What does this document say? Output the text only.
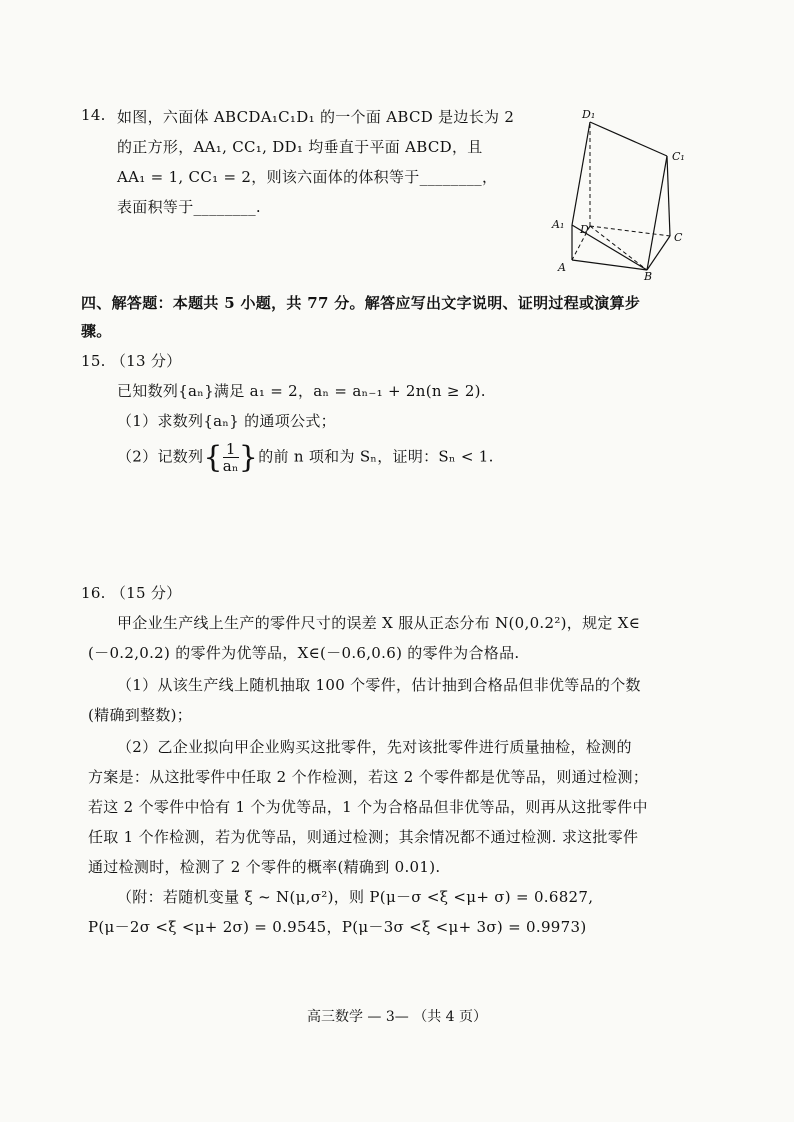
14. 如图，六面体 ABCDA₁C₁D₁ 的一个面 ABCD 是边长为 2
的正方形，AA₁, CC₁, DD₁ 均垂直于平面 ABCD，且
AA₁ = 1, CC₁ = 2，则该六面体的体积等于________，
表面积等于________.
D₁
C₁
A₁ D
C
A
B
四、解答题：本题共 5 小题，共 77 分。解答应写出文字说明、证明过程或演算步
骤。
15. （13 分）
已知数列{aₙ}满足 a₁ = 2，aₙ = aₙ₋₁ + 2n(n ≥ 2).
（1）求数列{aₙ} 的通项公式；
（2）记数列{ $\frac{1}{\text{aₙ}}$ }的前 n 项和为 Sₙ，证明：Sₙ < 1.
16. （15 分）
甲企业生产线上生产的零件尺寸的误差 X 服从正态分布 N(0,0.2²)，规定 X∈
(－0.2,0.2) 的零件为优等品，X∈(－0.6,0.6) 的零件为合格品.
（1）从该生产线上随机抽取 100 个零件，估计抽到合格品但非优等品的个数
(精确到整数)；
（2）乙企业拟向甲企业购买这批零件，先对该批零件进行质量抽检，检测的
方案是：从这批零件中任取 2 个作检测，若这 2 个零件都是优等品，则通过检测；
若这 2 个零件中恰有 1 个为优等品，1 个为合格品但非优等品，则再从这批零件中
任取 1 个作检测，若为优等品，则通过检测；其余情况都不通过检测. 求这批零件
通过检测时，检测了 2 个零件的概率(精确到 0.01).
（附：若随机变量 ξ ~ N(μ,σ²)，则 P(μ－σ <ξ <μ+ σ) = 0.6827,
P(μ－2σ <ξ <μ+ 2σ) = 0.9545，P(μ－3σ <ξ <μ+ 3σ) = 0.9973)
高三数学 — 3— （共 4 页）
